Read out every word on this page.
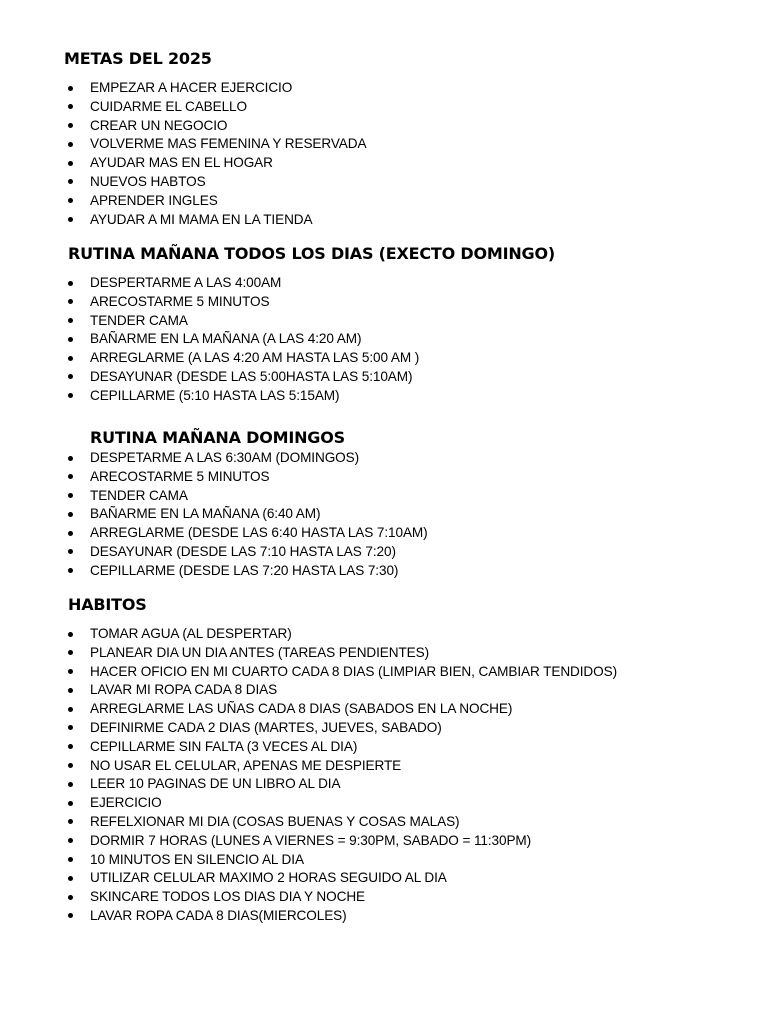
METAS DEL 2025
EMPEZAR A HACER EJERCICIO
CUIDARME EL CABELLO
CREAR UN NEGOCIO
VOLVERME MAS FEMENINA Y RESERVADA
AYUDAR MAS EN EL HOGAR
NUEVOS HABTOS
APRENDER INGLES
AYUDAR A MI MAMA EN LA TIENDA
RUTINA MAÑANA TODOS LOS DIAS (EXECTO DOMINGO)
DESPERTARME A LAS 4:00AM
ARECOSTARME 5 MINUTOS
TENDER CAMA
BAÑARME EN LA MAÑANA (A LAS 4:20 AM)
ARREGLARME (A LAS 4:20 AM HASTA LAS 5:00 AM )
DESAYUNAR (DESDE LAS 5:00HASTA LAS 5:10AM)
CEPILLARME (5:10 HASTA LAS 5:15AM)
RUTINA MAÑANA DOMINGOS
DESPETARME A LAS 6:30AM (DOMINGOS)
ARECOSTARME 5 MINUTOS
TENDER CAMA
BAÑARME EN LA MAÑANA (6:40 AM)
ARREGLARME (DESDE LAS 6:40 HASTA LAS 7:10AM)
DESAYUNAR (DESDE LAS 7:10 HASTA LAS 7:20)
CEPILLARME (DESDE LAS 7:20 HASTA LAS 7:30)
HABITOS
TOMAR AGUA (AL DESPERTAR)
PLANEAR DIA UN DIA ANTES (TAREAS PENDIENTES)
HACER OFICIO EN MI CUARTO CADA 8 DIAS (LIMPIAR BIEN, CAMBIAR TENDIDOS)
LAVAR MI ROPA CADA 8 DIAS
ARREGLARME LAS UÑAS CADA 8 DIAS (SABADOS EN LA NOCHE)
DEFINIRME CADA 2 DIAS (MARTES, JUEVES, SABADO)
CEPILLARME SIN FALTA (3 VECES AL DIA)
NO USAR EL CELULAR, APENAS ME DESPIERTE
LEER 10 PAGINAS DE UN LIBRO AL DIA
EJERCICIO
REFELXIONAR MI DIA (COSAS BUENAS Y COSAS MALAS)
DORMIR 7 HORAS (LUNES A VIERNES = 9:30PM, SABADO = 11:30PM)
10 MINUTOS EN SILENCIO AL DIA
UTILIZAR CELULAR MAXIMO 2 HORAS SEGUIDO AL DIA
SKINCARE TODOS LOS DIAS DIA Y NOCHE
LAVAR ROPA CADA 8 DIAS(MIERCOLES)
